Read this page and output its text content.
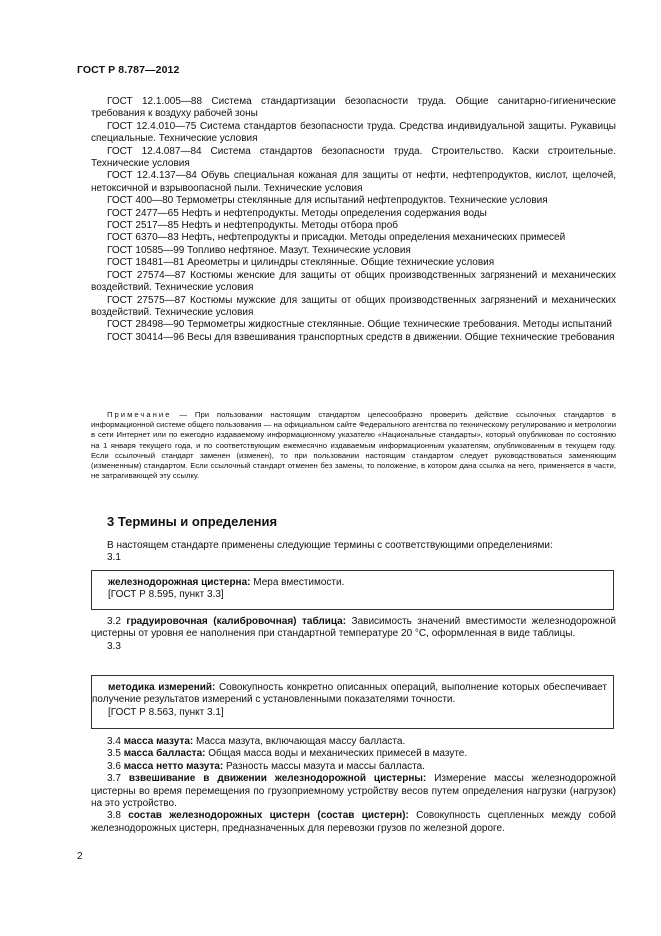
ГОСТ Р 8.787—2012

ГОСТ 12.1.005—88 Система стандартизации безопасности труда. Общие санитарно-гигиенические требования к воздуху рабочей зоны

ГОСТ 12.4.010—75 Система стандартов безопасности труда. Средства индивидуальной защиты. Рукавицы специальные. Технические условия

ГОСТ 12.4.087—84 Система стандартов безопасности труда. Строительство. Каски строительные. Технические условия

ГОСТ 12.4.137—84 Обувь специальная кожаная для защиты от нефти, нефтепродуктов, кислот, щелочей, нетоксичной и взрывоопасной пыли. Технические условия

ГОСТ 400—80 Термометры стеклянные для испытаний нефтепродуктов. Технические условия

ГОСТ 2477—65 Нефть и нефтепродукты. Методы определения содержания воды

ГОСТ 2517—85 Нефть и нефтепродукты. Методы отбора проб

ГОСТ 6370—83 Нефть, нефтепродукты и присадки. Методы определения механических примесей

ГОСТ 10585—99 Топливо нефтяное. Мазут. Технические условия

ГОСТ 18481—81 Ареометры и цилиндры стеклянные. Общие технические условия

ГОСТ 27574—87 Костюмы женские для защиты от общих производственных загрязнений и механических воздействий. Технические условия

ГОСТ 27575—87 Костюмы мужские для защиты от общих производственных загрязнений и механических воздействий. Технические условия

ГОСТ 28498—90 Термометры жидкостные стеклянные. Общие технические требования. Методы испытаний

ГОСТ 30414—96 Весы для взвешивания транспортных средств в движении. Общие технические требования

Примечание — При пользовании настоящим стандартом целесообразно проверить действие ссылочных стандартов в информационной системе общего пользования — на официальном сайте Федерального агентства по техническому регулированию и метрологии в сети Интернет или по ежегодно издаваемому информационному указателю «Национальные стандарты», который опубликован по состоянию на 1 января текущего года, и по соответствующим ежемесячно издаваемым информационным указателям, опубликованным в текущем году. Если ссылочный стандарт заменен (изменен), то при пользовании настоящим стандартом следует руководствоваться заменяющим (измененным) стандартом. Если ссылочный стандарт отменен без замены, то положение, в котором дана ссылка на него, применяется в части, не затрагивающей эту ссылку.

3 Термины и определения

В настоящем стандарте применены следующие термины с соответствующими определениями:

3.1

железнодорожная цистерна: Мера вместимости.

[ГОСТ Р 8.595, пункт 3.3]

3.2 градуировочная (калибровочная) таблица: Зависимость значений вместимости железнодорожной цистерны от уровня ее наполнения при стандартной температуре 20 °С, оформленная в виде таблицы.

3.3

методика измерений: Совокупность конкретно описанных операций, выполнение которых обеспечивает получение результатов измерений с установленными показателями точности.

[ГОСТ Р 8.563, пункт 3.1]

3.4 масса мазута: Масса мазута, включающая массу балласта.

3.5 масса балласта: Общая масса воды и механических примесей в мазуте.

3.6 масса нетто мазута: Разность массы мазута и массы балласта.

3.7 взвешивание в движении железнодорожной цистерны: Измерение массы железнодорожной цистерны во время перемещения по грузоприемному устройству весов путем определения нагрузки (нагрузок) на это устройство.

3.8 состав железнодорожных цистерн (состав цистерн): Совокупность сцепленных между собой железнодорожных цистерн, предназначенных для перевозки грузов по железной дороге.

2
